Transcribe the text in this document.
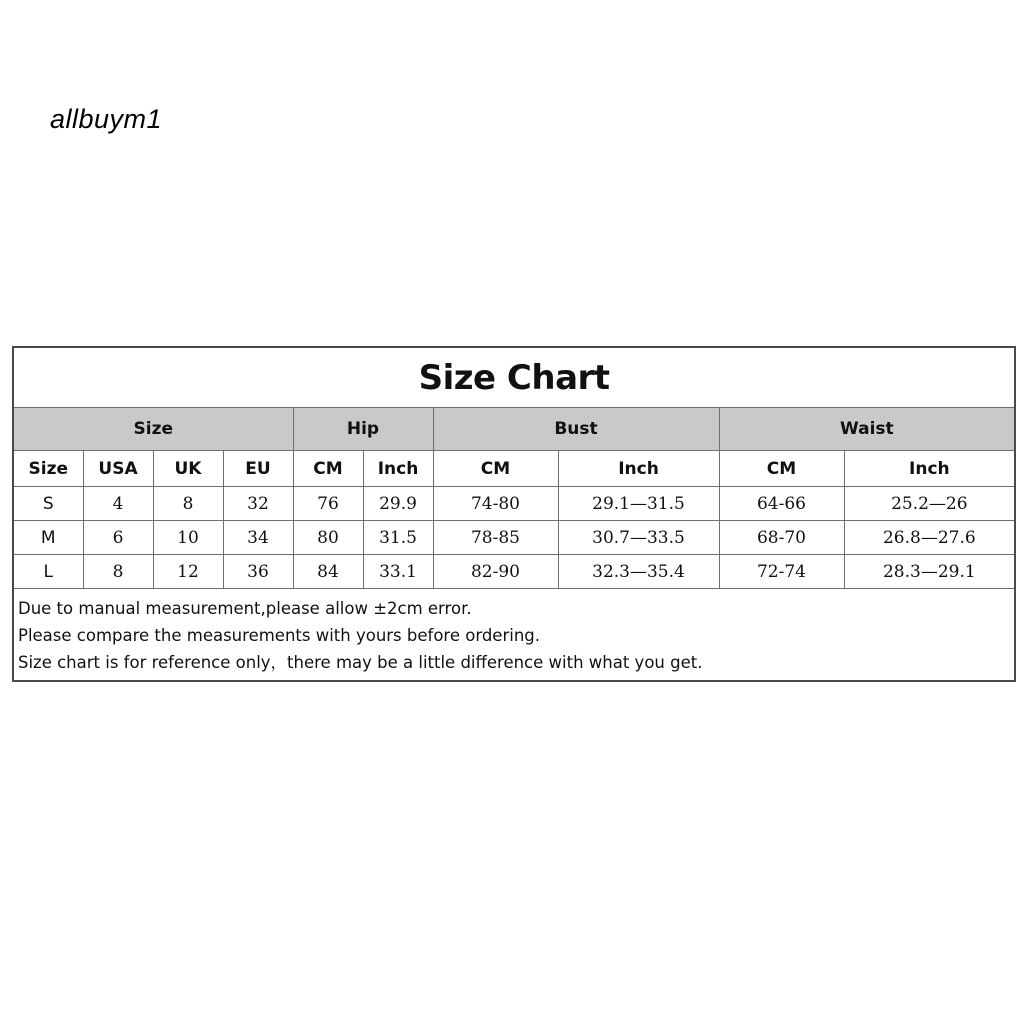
allbuym1
Size Chart									
Size				Hip		Bust		Waist	
Size	USA	UK	EU	CM	Inch	CM	Inch	CM	Inch
S	4	8	32	76	29.9	74-80	29.1—31.5	64-66	25.2—26
M	6	10	34	80	31.5	78-85	30.7—33.5	68-70	26.8—27.6
L	8	12	36	84	33.1	82-90	32.3—35.4	72-74	28.3—29.1

Due to manual measurement,please allow ±2cm error.
Please compare the measurements with yours before ordering.
Size chart is for reference only，there may be a little difference with what you get.									
